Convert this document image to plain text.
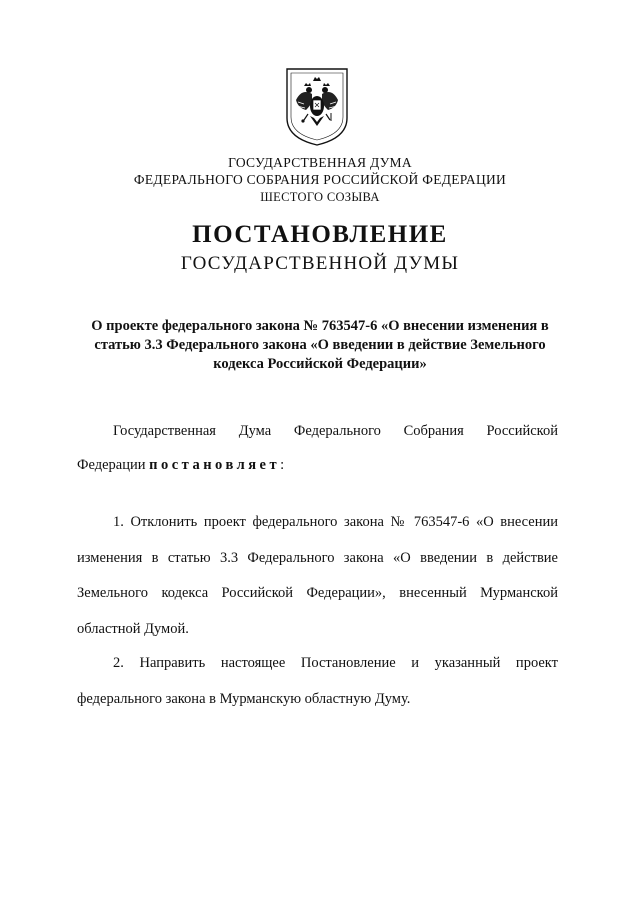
ГОСУДАРСТВЕННАЯ ДУМА
ФЕДЕРАЛЬНОГО СОБРАНИЯ РОССИЙСКОЙ ФЕДЕРАЦИИ
ШЕСТОГО СОЗЫВА
ПОСТАНОВЛЕНИЕ
ГОСУДАРСТВЕННОЙ ДУМЫ
О проекте федерального закона № 763547-6 «О внесении изменения в
статью 3.3 Федерального закона «О введении в действие Земельного
кодекса Российской Федерации»
Государственная Дума Федерального Собрания Российской
Федерации постановляет:
1. Отклонить проект федерального закона № 763547-6 «О внесении
изменения в статью 3.3 Федерального закона «О введении в действие
Земельного кодекса Российской Федерации», внесенный Мурманской
областной Думой.
2. Направить настоящее Постановление и указанный проект
федерального закона в Мурманскую областную Думу.
